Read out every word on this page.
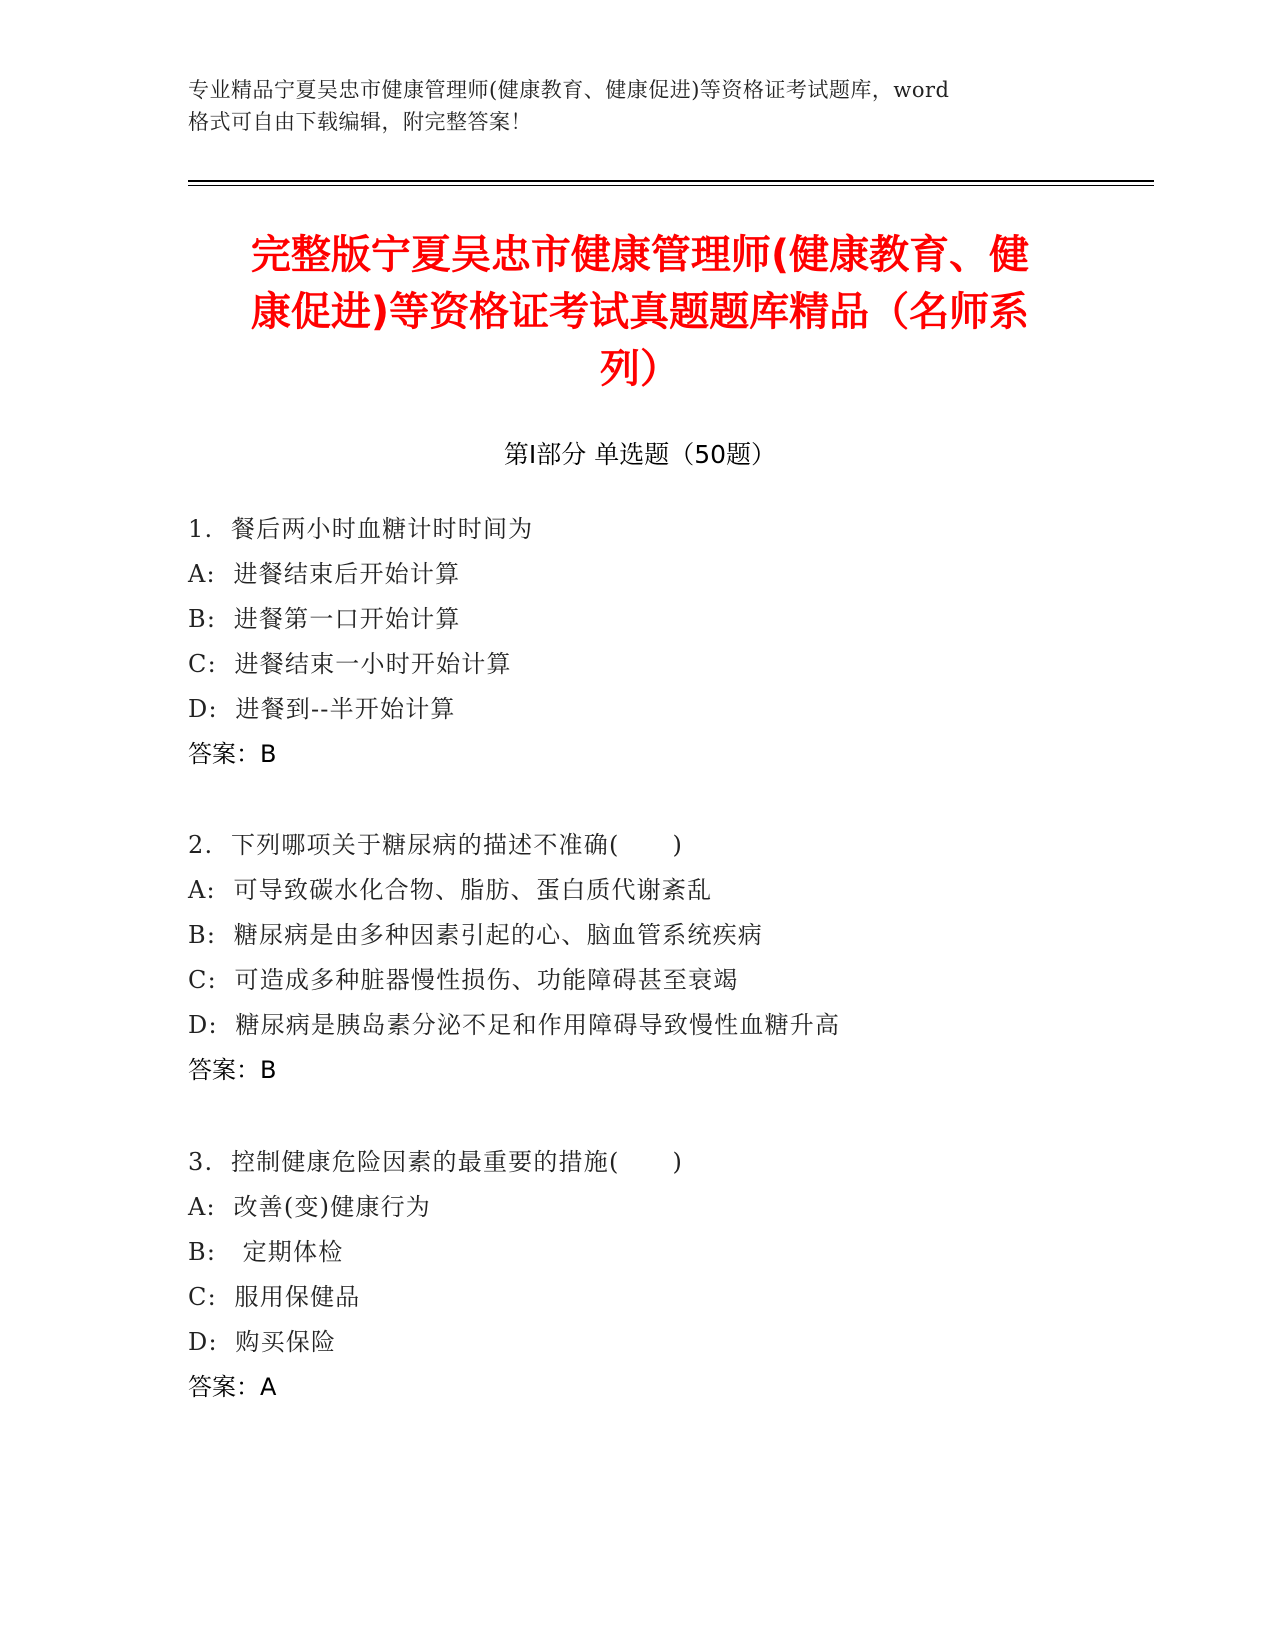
专业精品宁夏吴忠市健康管理师(健康教育、健康促进)等资格证考试题库，word
格式可自由下载编辑，附完整答案！
完整版宁夏吴忠市健康管理师(健康教育、健
康促进)等资格证考试真题题库精品（名师系
列）
第Ⅰ部分 单选题（50题）
1.  餐后两小时血糖计时时间为
A:  进餐结束后开始计算
B:  进餐第一口开始计算
C:  进餐结束一小时开始计算
D:  进餐到--半开始计算
答案：B
2.  下列哪项关于糖尿病的描述不准确(      )
A:  可导致碳水化合物、脂肪、蛋白质代谢紊乱
B:  糖尿病是由多种因素引起的心、脑血管系统疾病
C:  可造成多种脏器慢性损伤、功能障碍甚至衰竭
D:  糖尿病是胰岛素分泌不足和作用障碍导致慢性血糖升高
答案：B
3.  控制健康危险因素的最重要的措施(      )
A:  改善(变)健康行为
B:   定期体检
C:  服用保健品
D:  购买保险
答案：A
